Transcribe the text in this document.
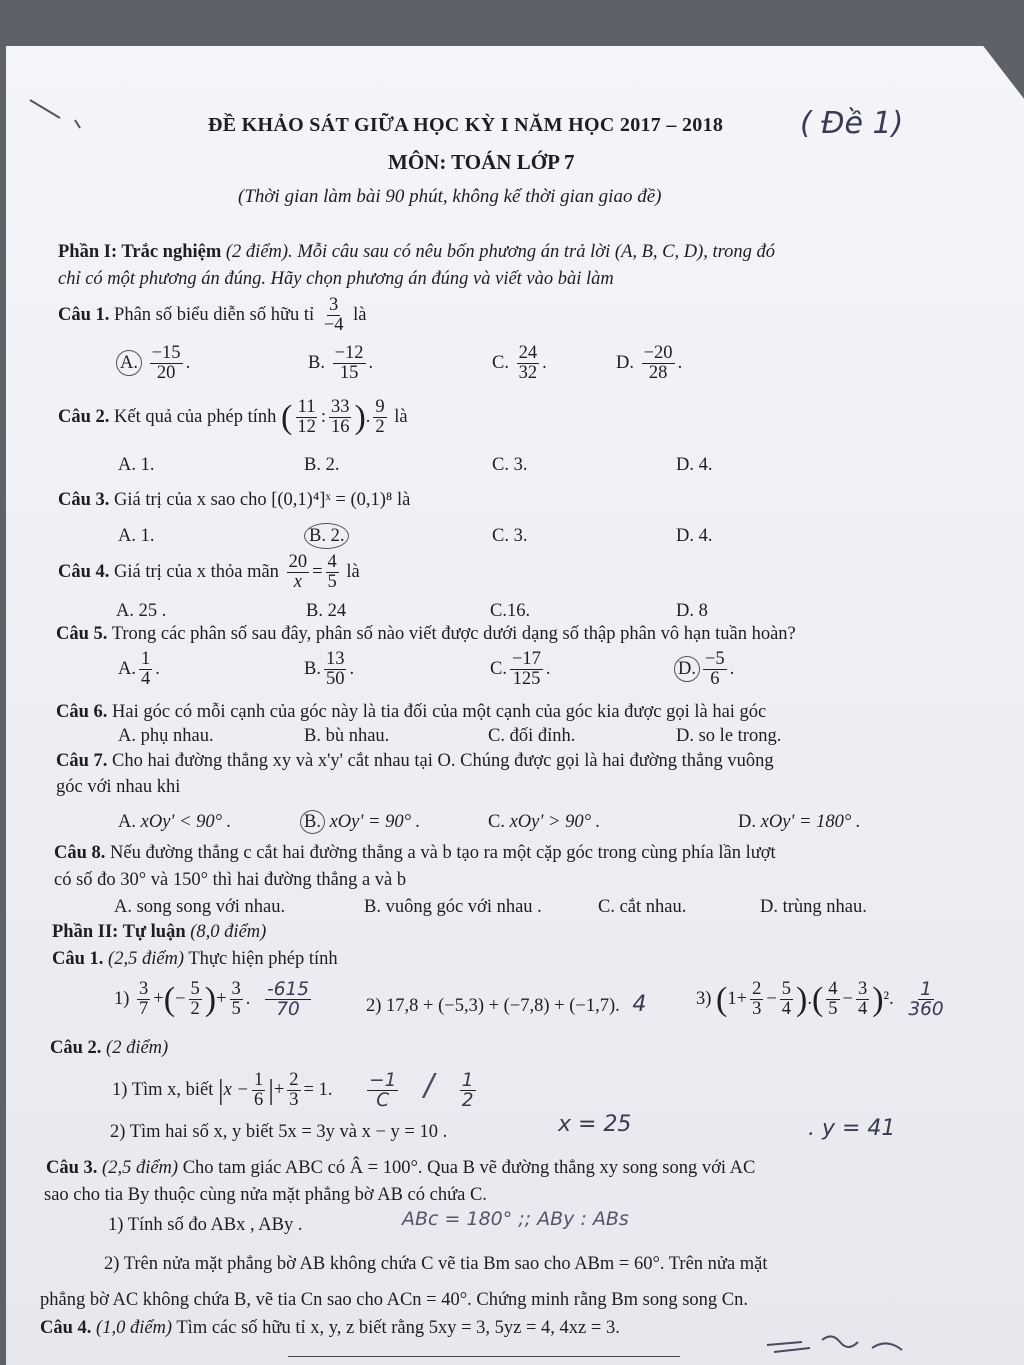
ĐỀ KHẢO SÁT GIỮA HỌC KỲ I NĂM HỌC 2017 – 2018	( Đề 1)
MÔN: TOÁN LỚP 7
(Thời gian làm bài 90 phút, không kể thời gian giao đề)
Phần I: Trắc nghiệm (2 điểm). Mỗi câu sau có nêu bốn phương án trả lời (A, B, C, D), trong đó
chỉ có một phương án đúng. Hãy chọn phương án đúng và viết vào bài làm
Câu 1. Phân số biểu diễn số hữu tỉ $\frac{3}{-4}$ là
A. $\frac{-15}{20}$ .	B. $\frac{-12}{15}$ .	C. $\frac{24}{32}$ .	D. $\frac{-20}{28}$ .
Câu 2. Kết quả của phép tính ( $\frac{11}{12}$ : $\frac{33}{16}$ ). $\frac{9}{2}$ là
A. 1.	B. 2.	C. 3.	D. 4.
Câu 3. Giá trị của x sao cho [(0,1)⁴]ˣ = (0,1)⁸ là
A. 1.	B. 2.	C. 3.	D. 4.
Câu 4. Giá trị của x thỏa mãn $\frac{20}{x} = \frac{4}{5}$ là
A. 25 .	B. 24	C.16.	D. 8
Câu 5. Trong các phân số sau đây, phân số nào viết được dưới dạng số thập phân vô hạn tuần hoàn?
A. $\frac{1}{4}$ .	B. $\frac{13}{50}$ .	C. $\frac{-17}{125}$ .	D. $\frac{-5}{6}$ .
Câu 6. Hai góc có mỗi cạnh của góc này là tia đối của một cạnh của góc kia được gọi là hai góc
A. phụ nhau.	B. bù nhau.	C. đối đỉnh.	D. so le trong.
Câu 7. Cho hai đường thẳng xy và x'y' cắt nhau tại O. Chúng được gọi là hai đường thẳng vuông
góc với nhau khi
A. xOy' < 90° .	B. xOy' = 90° .	C. xOy' > 90° .	D. xOy' = 180° .
Câu 8. Nếu đường thẳng c cắt hai đường thẳng a và b tạo ra một cặp góc trong cùng phía lần lượt
có số đo 30° và 150° thì hai đường thẳng a và b
A. song song với nhau.	B. vuông góc với nhau .	C. cắt nhau.	D. trùng nhau.
Phần II: Tự luận (8,0 điểm)
Câu 1. (2,5 điểm) Thực hiện phép tính
$1) \frac{3}{7}$ +(− $\frac{5}{2}$ )+ $\frac{3}{5}$ . $\frac{-615}{70}$	2) 17,8 + (−5,3) + (−7,8) + (−1,7). 4	3) ($1+ \frac{2}{3} - \frac{5}{4}$ ).( $\frac{4}{5} - \frac{3}{4} )^2$. $\frac{1}{360}$
Câu 2. (2 điểm)
1) Tìm x, biết $|x - \frac{1}{6}$ |+ $\frac{2}{3} = 1$. $\frac{-1}{C} / \frac{1}{2}$
2) Tìm hai số x, y biết 5x = 3y và x − y = 10 .	x = 25	. y = 41
Câu 3. (2,5 điểm) Cho tam giác ABC có Â = 100°. Qua B vẽ đường thẳng xy song song với AC
sao cho tia By thuộc cùng nửa mặt phẳng bờ AB có chứa C.
1) Tính số đo ABx , ABy .	ABc = 180° ;; ABy : ABs
2) Trên nửa mặt phẳng bờ AB không chứa C vẽ tia Bm sao cho ABm = 60°. Trên nửa mặt
phẳng bờ AC không chứa B, vẽ tia Cn sao cho ACn = 40°. Chứng minh rằng Bm song song Cn.
Câu 4. (1,0 điểm) Tìm các số hữu tỉ x, y, z biết rằng 5xy = 3, 5yz = 4, 4xz = 3.
